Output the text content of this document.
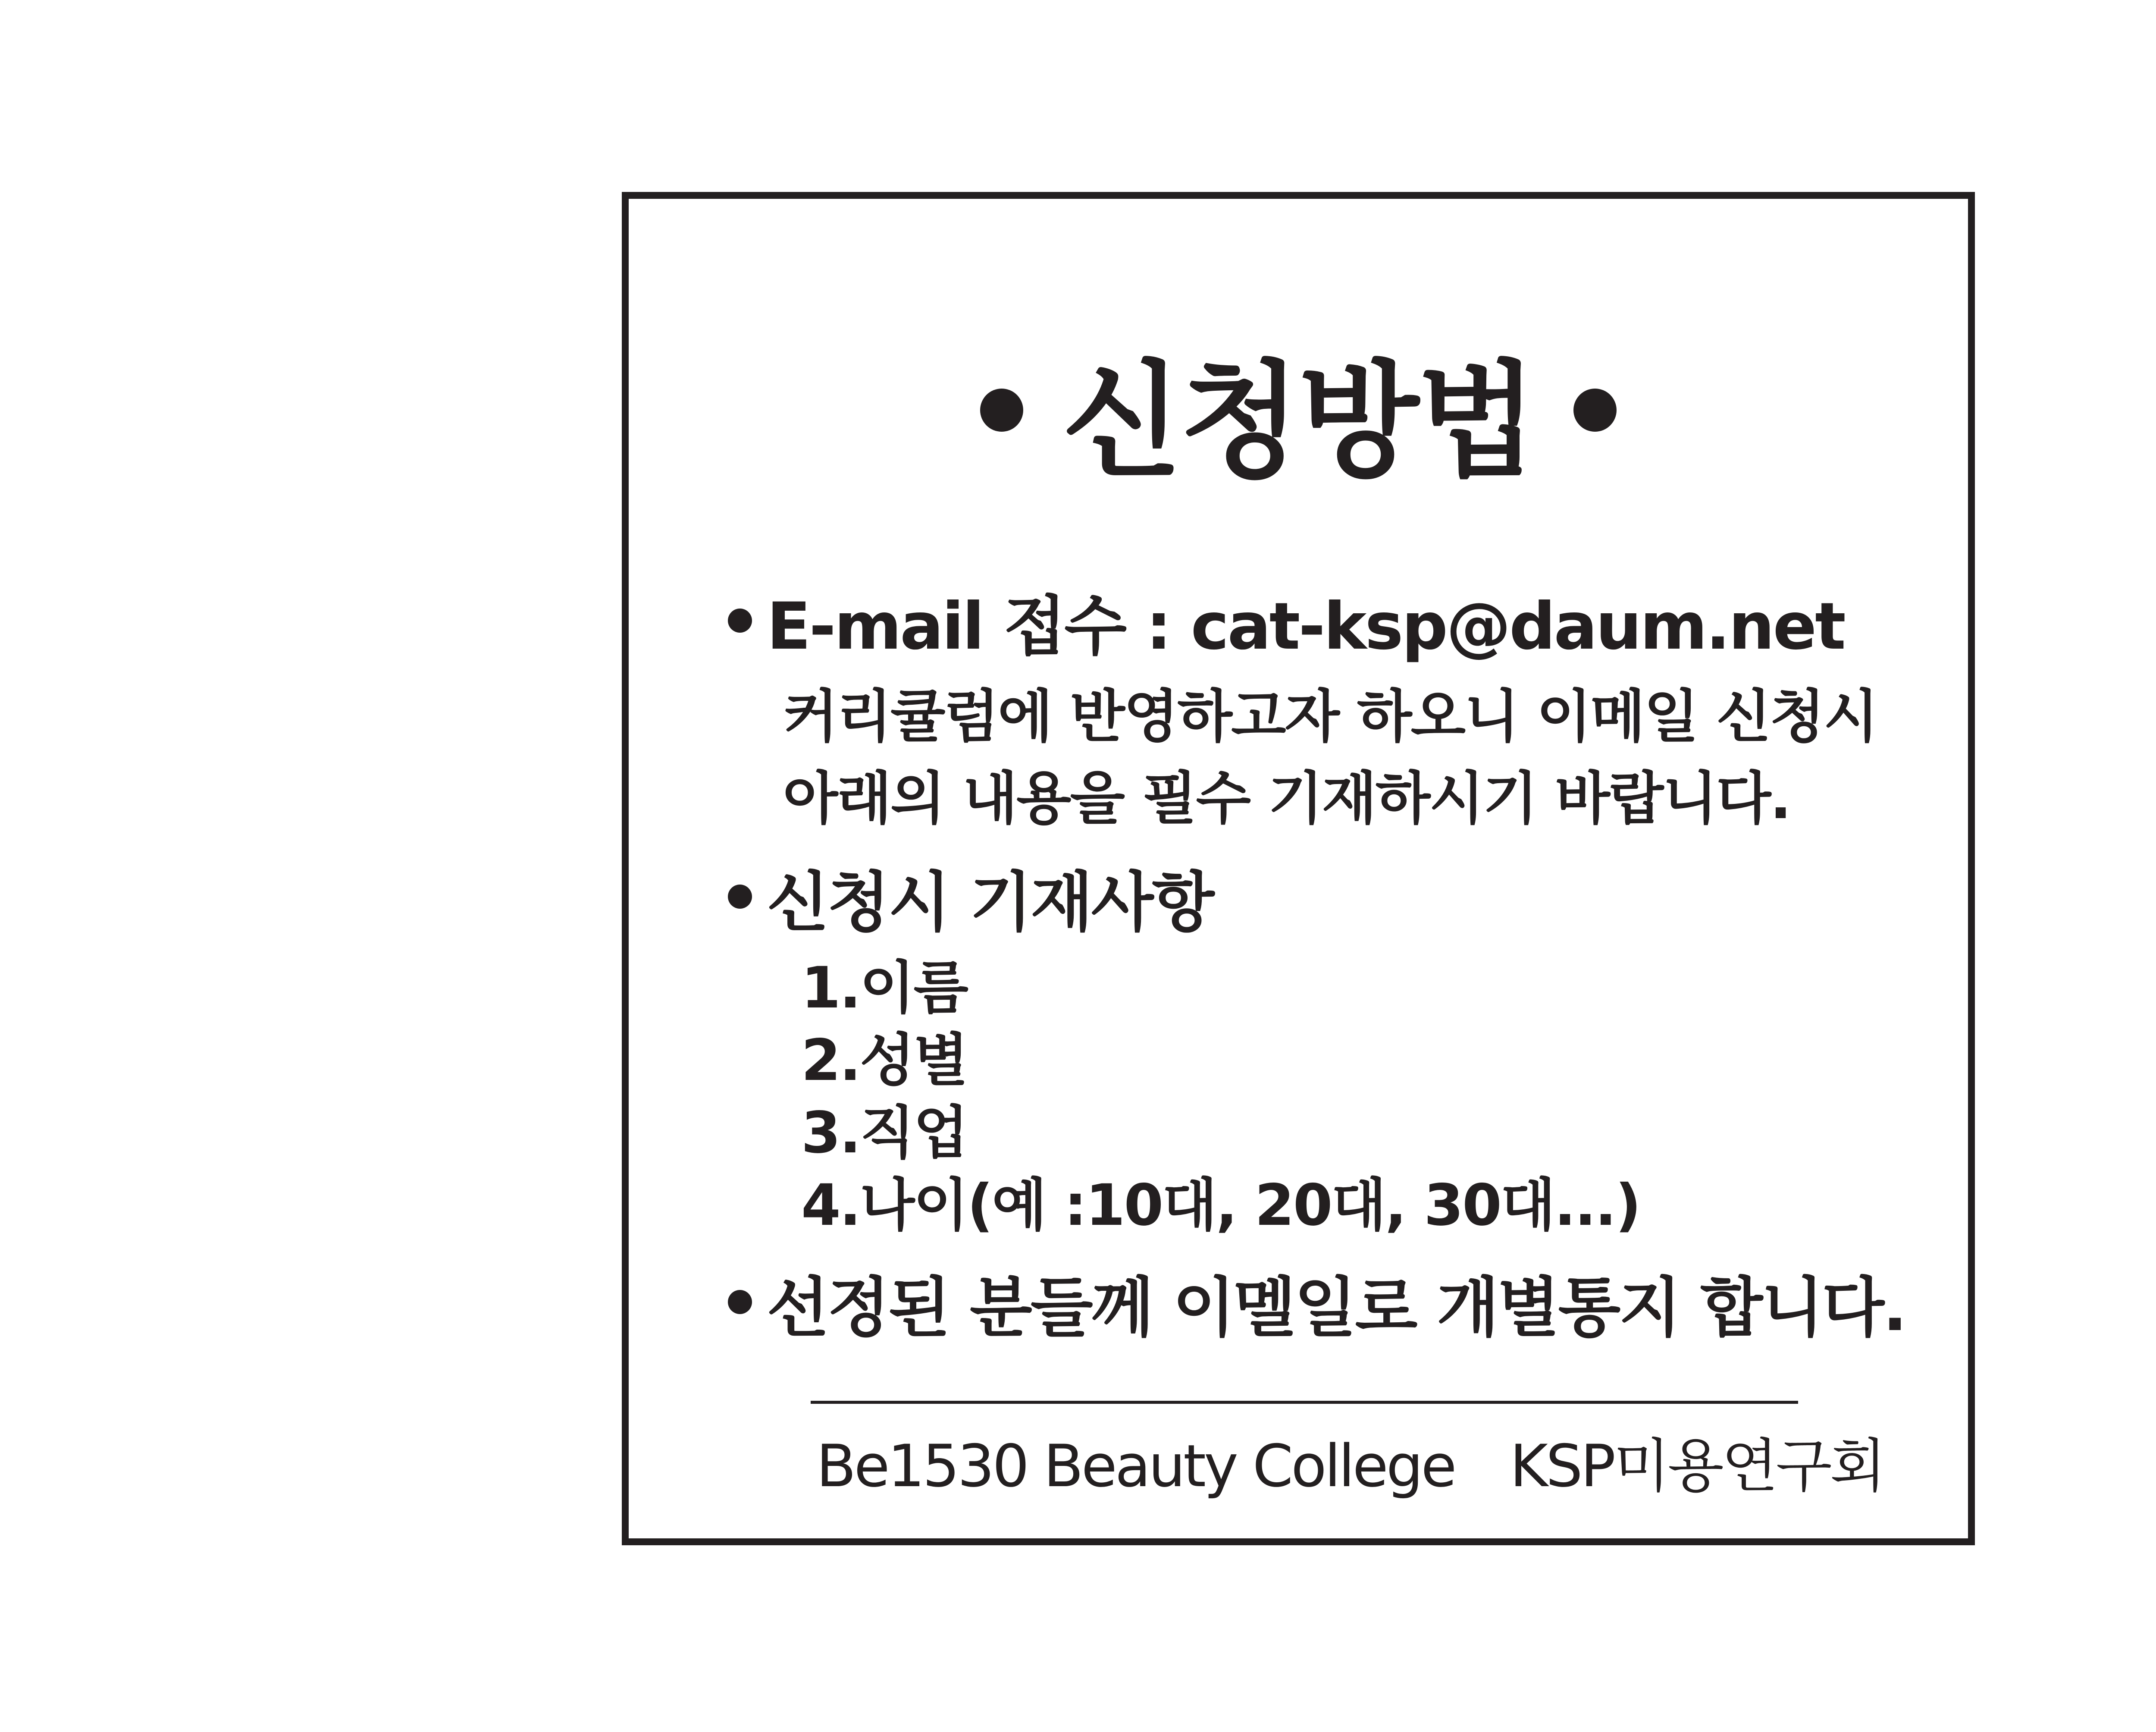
신청방법
E-mail 접수 : cat-ksp@daum.net
커리큘럼에 반영하고자 하오니 이메일 신청시
아래의 내용을 필수 기재하시기 바랍니다.
신청시 기재사항
1.이름
2.성별
3.직업
4.나이(예 :10대, 20대, 30대...)
선정된 분들께 이멜일로 개별통지 합니다.
Be1530 Beauty College KSP미용연구회
